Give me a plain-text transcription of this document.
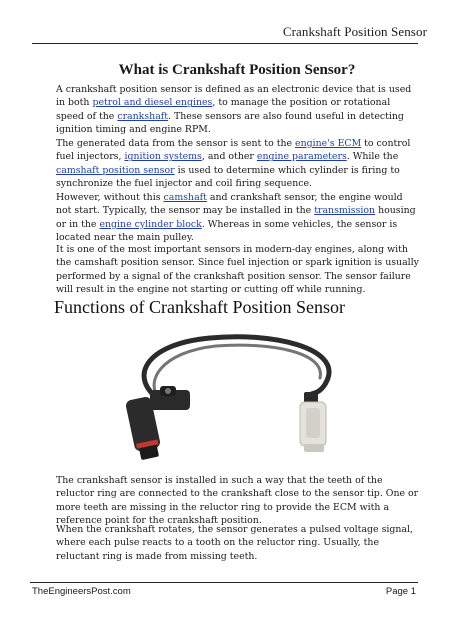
Crankshaft Position Sensor
What is Crankshaft Position Sensor?

A crankshaft position sensor is defined as an electronic device that is used in both petrol and diesel engines, to manage the position or rotational speed of the crankshaft. These sensors are also found useful in detecting ignition timing and engine RPM.

The generated data from the sensor is sent to the engine's ECM to control fuel injectors, ignition systems, and other engine parameters. While the camshaft position sensor is used to determine which cylinder is firing to synchronize the fuel injector and coil firing sequence.

However, without this camshaft and crankshaft sensor, the engine would not start. Typically, the sensor may be installed in the transmission housing or in the engine cylinder block. Whereas in some vehicles, the sensor is located near the main pulley.

It is one of the most important sensors in modern-day engines, along with the camshaft position sensor. Since fuel injection or spark ignition is usually performed by a signal of the crankshaft position sensor. The sensor failure will result in the engine not starting or cutting off while running.

Functions of Crankshaft Position Sensor

The crankshaft sensor is installed in such a way that the teeth of the reluctor ring are connected to the crankshaft close to the sensor tip. One or more teeth are missing in the reluctor ring to provide the ECM with a reference point for the crankshaft position.

When the crankshaft rotates, the sensor generates a pulsed voltage signal, where each pulse reacts to a tooth on the reluctor ring. Usually, the reluctant ring is made from missing teeth.

TheEngineersPost.com	Page 1
